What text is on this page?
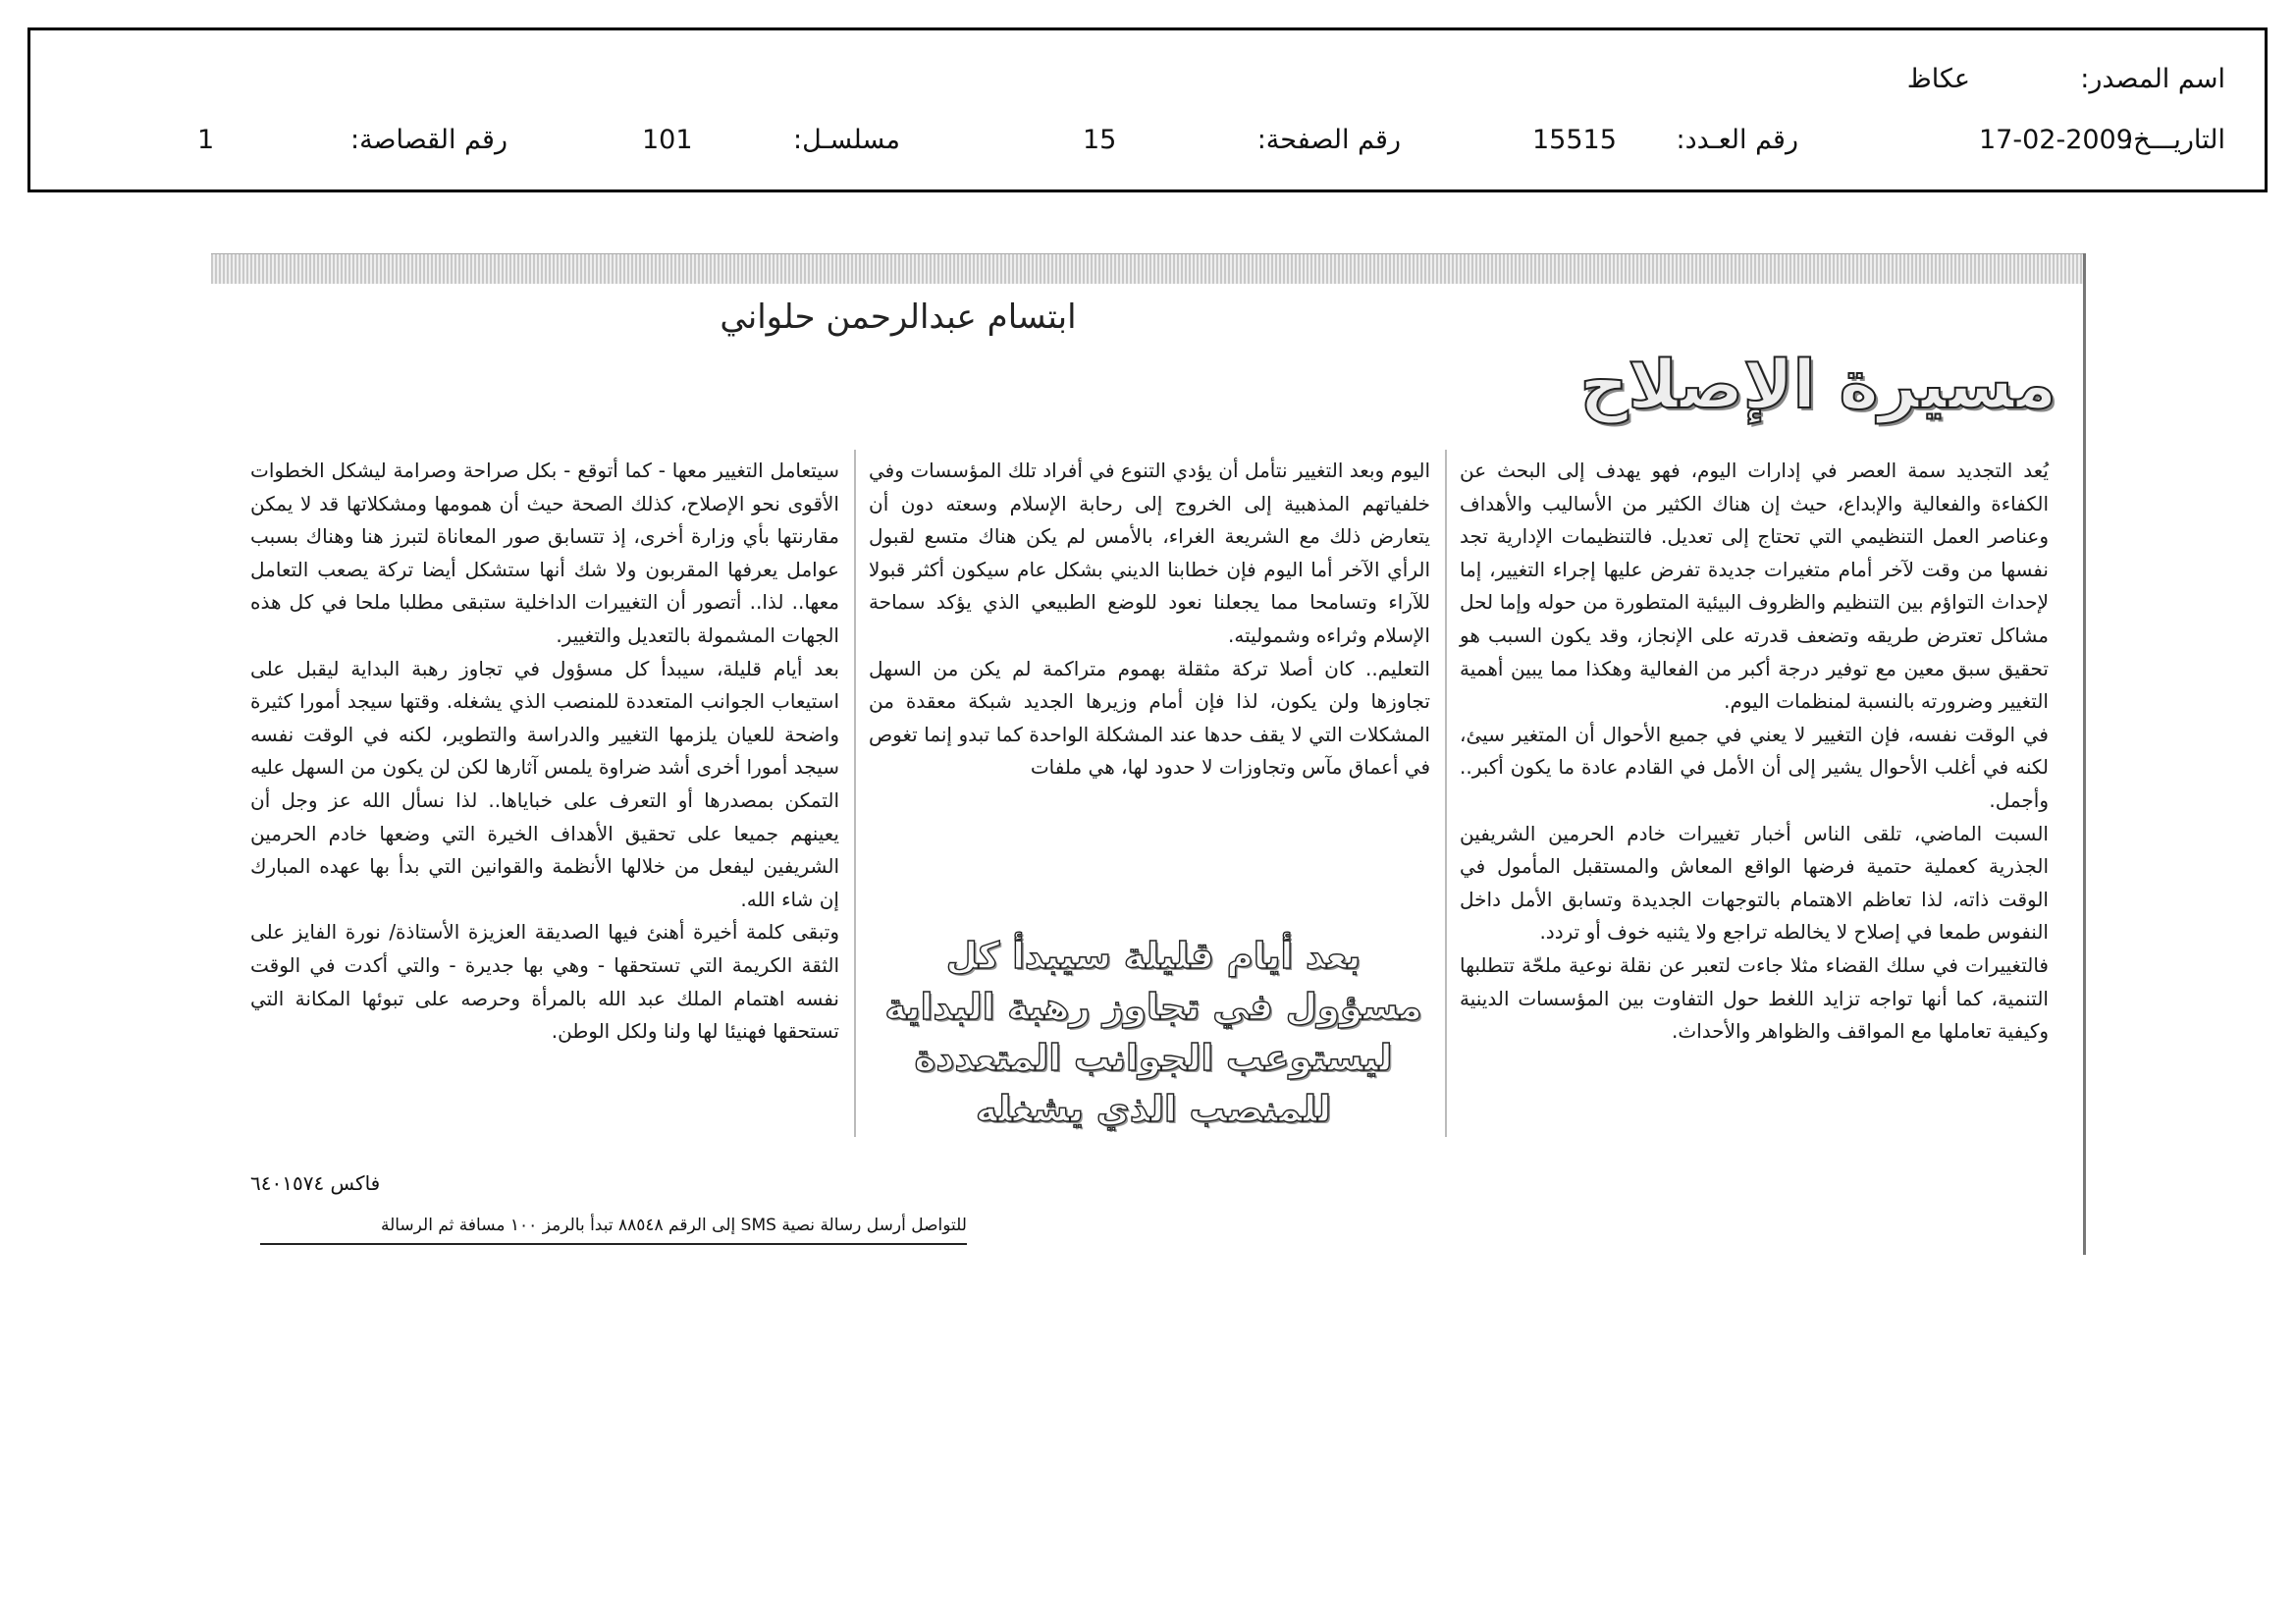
اسم المصدر:
عكاظ
التاريـــخ:
17-02-2009
رقم العـدد:
15515
رقم الصفحة:
15
مسلسـل:
101
رقم القصاصة:
1
ابتسام عبدالرحمن حلواني
مسيرة الإصلاح

يُعد التجديد سمة العصر في إدارات اليوم، فهو يهدف إلى البحث عن الكفاءة والفعالية والإبداع، حيث إن هناك الكثير من الأساليب والأهداف وعناصر العمل التنظيمي التي تحتاج إلى تعديل. فالتنظيمات الإدارية تجد نفسها من وقت لآخر أمام متغيرات جديدة تفرض عليها إجراء التغيير، إما لإحداث التواؤم بين التنظيم والظروف البيئية المتطورة من حوله وإما لحل مشاكل تعترض طريقه وتضعف قدرته على الإنجاز، وقد يكون السبب هو تحقيق سبق معين مع توفير درجة أكبر من الفعالية وهكذا مما يبين أهمية التغيير وضرورته بالنسبة لمنظمات اليوم.

في الوقت نفسه، فإن التغيير لا يعني في جميع الأحوال أن المتغير سيئ، لكنه في أغلب الأحوال يشير إلى أن الأمل في القادم عادة ما يكون أكبر.. وأجمل.

السبت الماضي، تلقى الناس أخبار تغييرات خادم الحرمين الشريفين الجذرية كعملية حتمية فرضها الواقع المعاش والمستقبل المأمول في الوقت ذاته، لذا تعاظم الاهتمام بالتوجهات الجديدة وتسابق الأمل داخل النفوس طمعا في إصلاح لا يخالطه تراجع ولا يثنيه خوف أو تردد.

فالتغييرات في سلك القضاء مثلا جاءت لتعبر عن نقلة نوعية ملحّة تتطلبها التنمية، كما أنها تواجه تزايد اللغط حول التفاوت بين المؤسسات الدينية وكيفية تعاملها مع المواقف والظواهر والأحداث.

اليوم وبعد التغيير نتأمل أن يؤدي التنوع في أفراد تلك المؤسسات وفي خلفياتهم المذهبية إلى الخروج إلى رحابة الإسلام وسعته دون أن يتعارض ذلك مع الشريعة الغراء، بالأمس لم يكن هناك متسع لقبول الرأي الآخر أما اليوم فإن خطابنا الديني بشكل عام سيكون أكثر قبولا للآراء وتسامحا مما يجعلنا نعود للوضع الطبيعي الذي يؤكد سماحة الإسلام وثراءه وشموليته.

التعليم.. كان أصلا تركة مثقلة بهموم متراكمة لم يكن من السهل تجاوزها ولن يكون، لذا فإن أمام وزيرها الجديد شبكة معقدة من المشكلات التي لا يقف حدها عند المشكلة الواحدة كما تبدو إنما تغوص في أعماق مآس وتجاوزات لا حدود لها، هي ملفات

بعد أيام قليلة سيبدأ كل مسؤول في تجاوز رهبة البداية ليستوعب الجوانب المتعددة للمنصب الذي يشغله

سيتعامل التغيير معها - كما أتوقع - بكل صراحة وصرامة ليشكل الخطوات الأقوى نحو الإصلاح، كذلك الصحة حيث أن همومها ومشكلاتها قد لا يمكن مقارنتها بأي وزارة أخرى، إذ تتسابق صور المعاناة لتبرز هنا وهناك بسبب عوامل يعرفها المقربون ولا شك أنها ستشكل أيضا تركة يصعب التعامل معها.. لذا.. أتصور أن التغييرات الداخلية ستبقى مطلبا ملحا في كل هذه الجهات المشمولة بالتعديل والتغيير.

بعد أيام قليلة، سيبدأ كل مسؤول في تجاوز رهبة البداية ليقبل على استيعاب الجوانب المتعددة للمنصب الذي يشغله. وقتها سيجد أمورا كثيرة واضحة للعيان يلزمها التغيير والدراسة والتطوير، لكنه في الوقت نفسه سيجد أمورا أخرى أشد ضراوة يلمس آثارها لكن لن يكون من السهل عليه التمكن بمصدرها أو التعرف على خباياها.. لذا نسأل الله عز وجل أن يعينهم جميعا على تحقيق الأهداف الخيرة التي وضعها خادم الحرمين الشريفين ليفعل من خلالها الأنظمة والقوانين التي بدأ بها عهده المبارك إن شاء الله.

وتبقى كلمة أخيرة أهنئ فيها الصديقة العزيزة الأستاذة/ نورة الفايز على الثقة الكريمة التي تستحقها - وهي بها جديرة - والتي أكدت في الوقت نفسه اهتمام الملك عبد الله بالمرأة وحرصه على تبوئها المكانة التي تستحقها فهنيئا لها ولنا ولكل الوطن.

فاكس ٦٤٠١٥٧٤
للتواصل أرسل رسالة نصية SMS إلى الرقم ٨٨٥٤٨ تبدأ بالرمز ١٠٠ مسافة ثم الرسالة
